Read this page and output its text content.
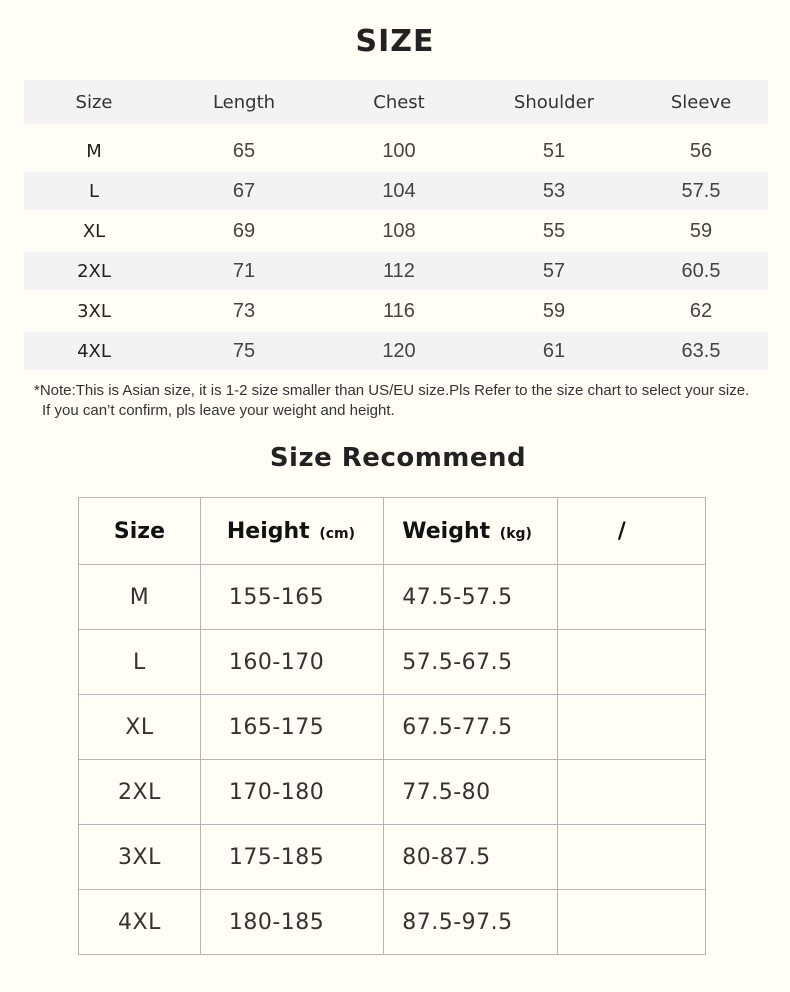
SIZE
Size	Length	Chest	Shoulder	Sleeve
M	65	100	51	56
L	67	104	53	57.5
XL	69	108	55	59
2XL	71	112	57	60.5
3XL	73	116	59	62
4XL	75	120	61	63.5
*Note:This is Asian size, it is 1-2 size smaller than US/EU size.Pls Refer to the size chart to select your size.
If you can’t confirm, pls leave your weight and height.
Size Recommend
Size	Height (cm)	Weight (kg)	/
M	155-165	47.5-57.5	
L	160-170	57.5-67.5	
XL	165-175	67.5-77.5	
2XL	170-180	77.5-80	
3XL	175-185	80-87.5	
4XL	180-185	87.5-97.5	
